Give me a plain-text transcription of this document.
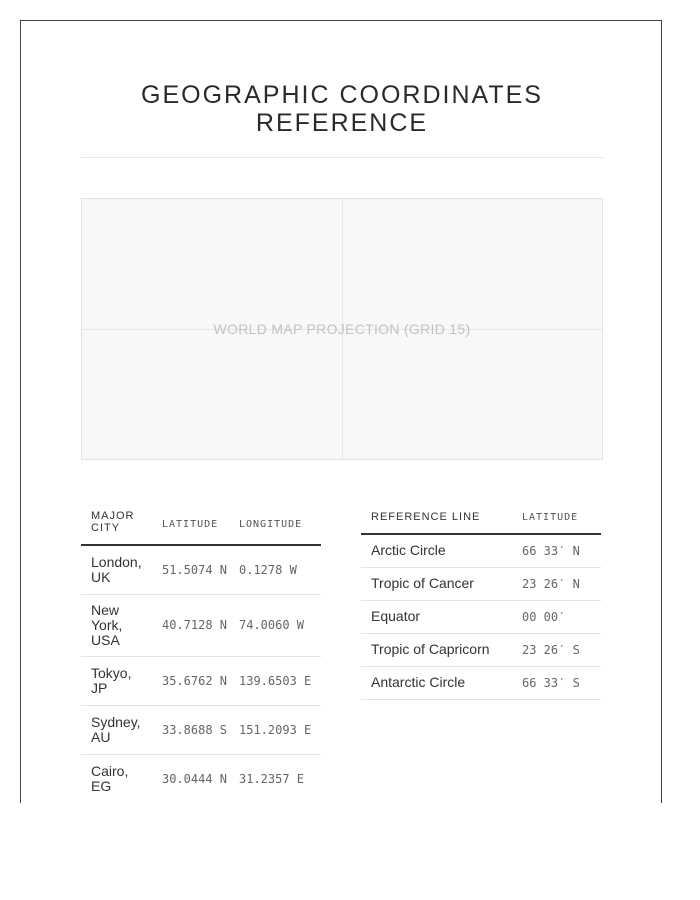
GEOGRAPHIC COORDINATES REFERENCE
WORLD MAP PROJECTION (GRID 15)
MAJOR CITY	LATITUDE	LONGITUDE
London, UK	51.5074 N	0.1278 W
New York, USA	40.7128 N	74.0060 W
Tokyo, JP	35.6762 N	139.6503 E
Sydney, AU	33.8688 S	151.2093 E
Cairo, EG	30.0444 N	31.2357 E
REFERENCE LINE	LATITUDE
Arctic Circle	66 33′ N
Tropic of Cancer	23 26′ N
Equator	00 00′
Tropic of Capricorn	23 26′ S
Antarctic Circle	66 33′ S
